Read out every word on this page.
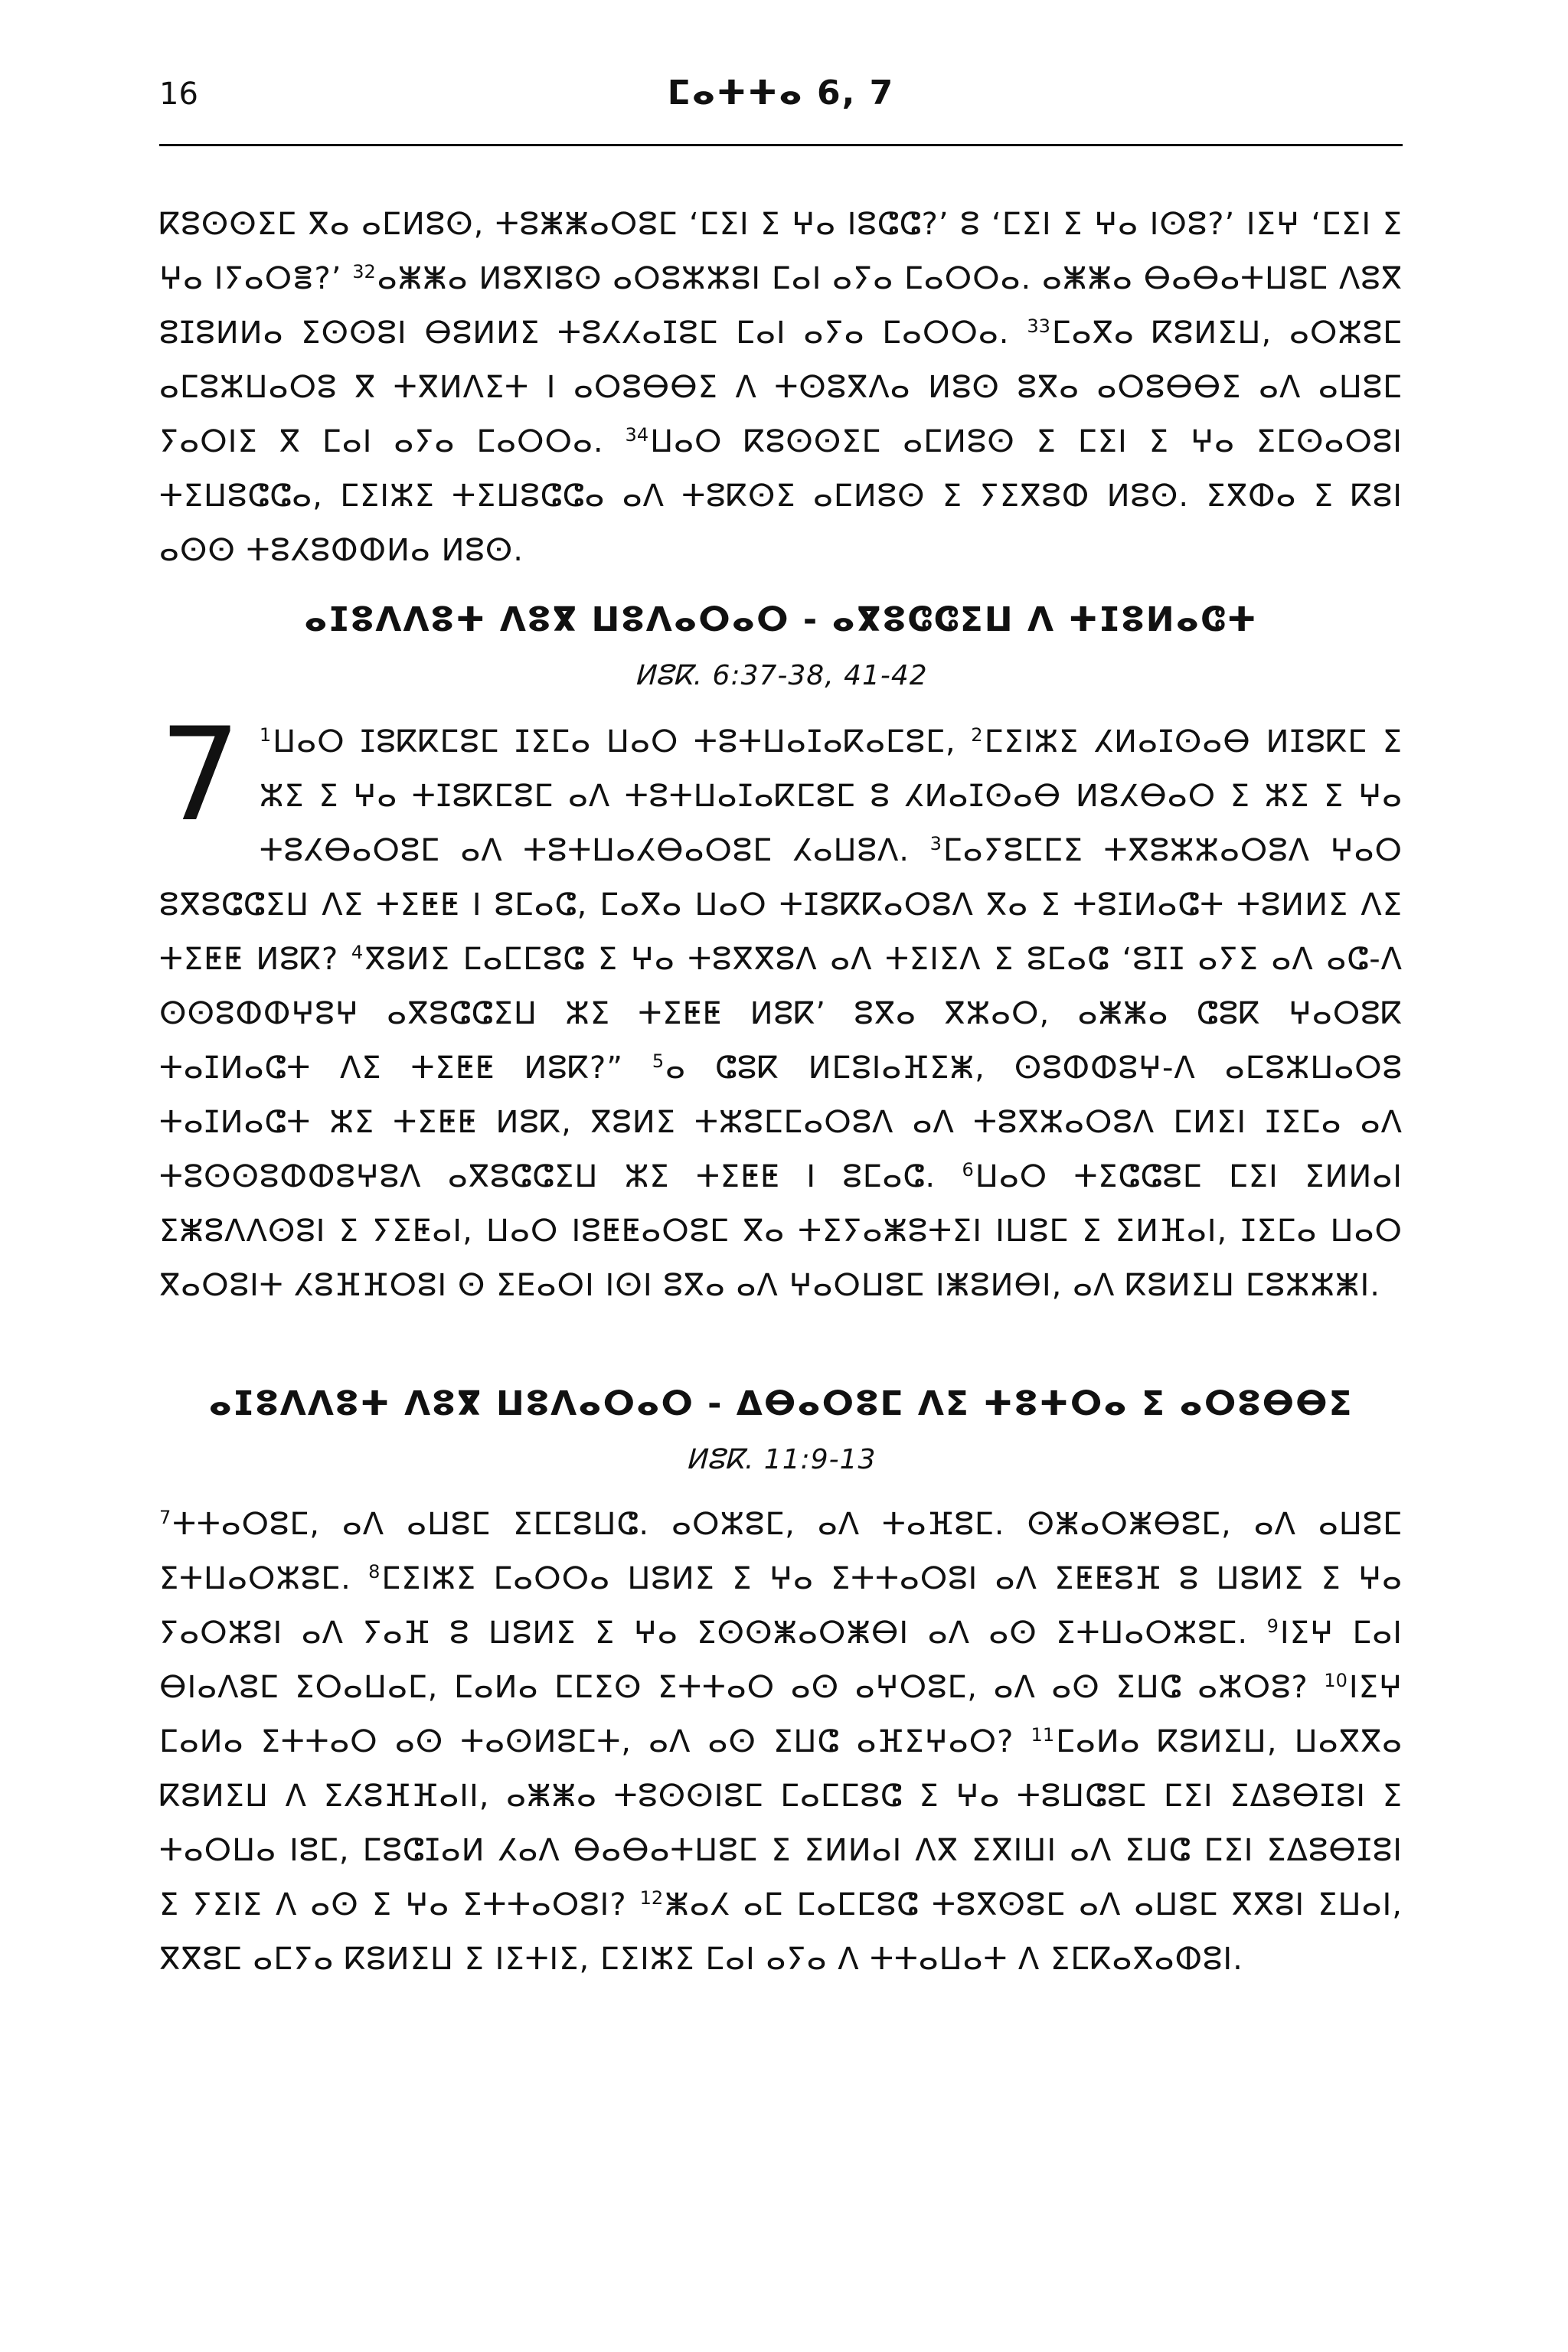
16	ⵎⴰⵜⵜⴰ 6, 7

ⴽⵓⵙⵙⵉⵎ ⴳⴰ ⴰⵎⵍⵓⵙ, ⵜⵓⵥⵥⴰⵔⵓⵎ ‘ⵎⵉⵏ ⵉ ⵖⴰ ⵏⵓⵛⵛ?’ ⵓ ‘ⵎⵉⵏ ⵉ ⵖⴰ ⵏⵙⵓ?’ ⵏⵉⵖ ‘ⵎⵉⵏ ⵉ ⵖⴰ ⵏⵢⴰⵔⴻ?’ $^{32}$ⴰⵥⵥⴰ ⵍⵓⴳⵏⵓⵙ ⴰⵔⵓⵣⵣⵓⵏ ⵎⴰⵏ ⴰⵢⴰ ⵎⴰⵔⵔⴰ. ⴰⵥⵥⴰ ⴱⴰⴱⴰⵜⵡⵓⵎ ⴷⵓⴳ ⵓⵊⵓⵍⵍⴰ ⵉⵙⵙⵓⵏ ⴱⵓⵍⵍⵉ ⵜⵓⵃⵃⴰⵊⵓⵎ ⵎⴰⵏ ⴰⵢⴰ ⵎⴰⵔⵔⴰ. $^{33}$ⵎⴰⴳⴰ ⴽⵓⵍⵉⵡ, ⴰⵔⵣⵓⵎ ⴰⵎⵓⵣⵡⴰⵔⵓ ⴳ ⵜⴳⵍⴷⵉⵜ ⵏ ⴰⵔⵓⴱⴱⵉ ⴷ ⵜⵙⵓⴳⴷⴰ ⵍⵓⵙ ⵓⴳⴰ ⴰⵔⵓⴱⴱⵉ ⴰⴷ ⴰⵡⵓⵎ ⵢⴰⵔⵏⵉ ⴳ ⵎⴰⵏ ⴰⵢⴰ ⵎⴰⵔⵔⴰ. $^{34}$ⵡⴰⵔ ⴽⵓⵙⵙⵉⵎ ⴰⵎⵍⵓⵙ ⵉ ⵎⵉⵏ ⵉ ⵖⴰ ⵉⵎⵙⴰⵔⵓⵏ ⵜⵉⵡⵓⵛⵛⴰ, ⵎⵉⵏⵣⵉ ⵜⵉⵡⵓⵛⵛⴰ ⴰⴷ ⵜⵓⴽⵙⵉ ⴰⵎⵍⵓⵙ ⵉ ⵢⵉⴳⵓⵀ ⵍⵓⵙ. ⵉⴳⵀⴰ ⵉ ⴽⵓⵏ ⴰⵙⵙ ⵜⵓⵃⵓⵀⵀⵍⴰ ⵍⵓⵙ.

ⴰⵊⵓⴷⴷⵓⵜ ⴷⵓⴳ ⵡⵓⴷⴰⵔⴰⵔ - ⴰⴳⵓⵛⵛⵉⵡ ⴷ ⵜⵊⵓⵍⴰⵛⵜ
ⵍⵓⴽ. 6:37-38, 41-42
7	$^1$ⵡⴰⵔ ⵊⵓⴽⴽⵎⵓⵎ ⵊⵉⵎⴰ ⵡⴰⵔ ⵜⵓⵜⵡⴰⵊⴰⴽⴰⵎⵓⵎ, $^2$ⵎⵉⵏⵣⵉ ⵃⵍⴰⵊⵙⴰⴱ ⵍⵊⵓⴽⵎ ⵉ ⵣⵉ ⵉ ⵖⴰ ⵜⵊⵓⴽⵎⵓⵎ ⴰⴷ ⵜⵓⵜⵡⴰⵊⴰⴽⵎⵓⵎ ⵓ ⵃⵍⴰⵊⵙⴰⴱ ⵍⵓⵃⴱⴰⵔ ⵉ ⵣⵉ ⵉ ⵖⴰ ⵜⵓⵃⴱⴰⵔⵓⵎ ⴰⴷ ⵜⵓⵜⵡⴰⵃⴱⴰⵔⵓⵎ ⵃⴰⵡⵓⴷ. $^3$ⵎⴰⵢⵓⵎⵎⵉ ⵜⴳⵓⵣⵣⴰⵔⵓⴷ ⵖⴰⵔ ⵓⴳⵓⵛⵛⵉⵡ ⴷⵉ ⵜⵉⵟⵟ ⵏ ⵓⵎⴰⵛ, ⵎⴰⴳⴰ ⵡⴰⵔ ⵜⵊⵓⴽⴽⴰⵔⵓⴷ ⴳⴰ ⵉ ⵜⵓⵊⵍⴰⵛⵜ ⵜⵓⵍⵍⵉ ⴷⵉ ⵜⵉⵟⵟ ⵍⵓⴽ? $^4$ⴳⵓⵍⵉ ⵎⴰⵎⵎⵓⵛ ⵉ ⵖⴰ ⵜⵓⴳⴳⵓⴷ ⴰⴷ ⵜⵉⵏⵉⴷ ⵉ ⵓⵎⴰⵛ ‘ⵓⵊⵊ ⴰⵢⵉ ⴰⴷ ⴰⵛ-ⴷ ⵙⵙⵓⵀⵀⵖⵓⵖ ⴰⴳⵓⵛⵛⵉⵡ ⵣⵉ ⵜⵉⵟⵟ ⵍⵓⴽ’ ⵓⴳⴰ ⴳⵣⴰⵔ, ⴰⵥⵥⴰ ⵛⵓⴽ ⵖⴰⵔⵓⴽ ⵜⴰⵊⵍⴰⵛⵜ ⴷⵉ ⵜⵉⵟⵟ ⵍⵓⴽ?” $^5$ⴰ ⵛⵓⴽ ⵍⵎⵓⵏⴰⴼⵉⵥ, ⵙⵓⵀⵀⵓⵖ-ⴷ ⴰⵎⵓⵣⵡⴰⵔⵓ ⵜⴰⵊⵍⴰⵛⵜ ⵣⵉ ⵜⵉⵟⵟ ⵍⵓⴽ, ⴳⵓⵍⵉ ⵜⵣⵓⵎⵎⴰⵔⵓⴷ ⴰⴷ ⵜⵓⴳⵣⴰⵔⵓⴷ ⵎⵍⵉⵏ ⵊⵉⵎⴰ ⴰⴷ ⵜⵓⵙⵙⵓⵀⵀⵓⵖⵓⴷ ⴰⴳⵓⵛⵛⵉⵡ ⵣⵉ ⵜⵉⵟⵟ ⵏ ⵓⵎⴰⵛ. $^6$ⵡⴰⵔ ⵜⵉⵛⵛⵓⵎ ⵎⵉⵏ ⵉⵍⵍⴰⵏ ⵉⵥⵓⴷⴷⵙⵓⵏ ⵉ ⵢⵉⵟⴰⵏ, ⵡⴰⵔ ⵏⵓⵟⵟⴰⵔⵓⵎ ⴳⴰ ⵜⵉⵢⴰⵥⵓⵜⵉⵏ ⵏⵡⵓⵎ ⵉ ⵉⵍⴼⴰⵏ, ⵊⵉⵎⴰ ⵡⴰⵔ ⴳⴰⵔⵓⵏⵜ ⵃⵓⴼⴼⵔⵓⵏ ⵙ ⵉⴹⴰⵔⵏ ⵏⵙⵏ ⵓⴳⴰ ⴰⴷ ⵖⴰⵔⵡⵓⵎ ⵏⵥⵓⵍⴱⵏ, ⴰⴷ ⴽⵓⵍⵉⵡ ⵎⵓⵣⵣⵥⵏ.

ⴰⵊⵓⴷⴷⵓⵜ ⴷⵓⴳ ⵡⵓⴷⴰⵔⴰⵔ - ⵠⴱⴰⵔⵓⵎ ⴷⵉ ⵜⵓⵜⵔⴰ ⵉ ⴰⵔⵓⴱⴱⵉ
ⵍⵓⴽ. 11:9-13

$^7$ⵜⵜⴰⵔⵓⵎ, ⴰⴷ ⴰⵡⵓⵎ ⵉⵎⵎⵓⵡⵛ. ⴰⵔⵣⵓⵎ, ⴰⴷ ⵜⴰⴼⵓⵎ. ⵙⵥⴰⵔⵥⴱⵓⵎ, ⴰⴷ ⴰⵡⵓⵎ ⵉⵜⵡⴰⵔⵣⵓⵎ. $^8$ⵎⵉⵏⵣⵉ ⵎⴰⵔⵔⴰ ⵡⵓⵍⵉ ⵉ ⵖⴰ ⵉⵜⵜⴰⵔⵓⵏ ⴰⴷ ⵉⵟⵟⵓⴼ ⵓ ⵡⵓⵍⵉ ⵉ ⵖⴰ ⵢⴰⵔⵣⵓⵏ ⴰⴷ ⵢⴰⴼ ⵓ ⵡⵓⵍⵉ ⵉ ⵖⴰ ⵉⵙⵙⵥⴰⵔⵥⴱⵏ ⴰⴷ ⴰⵙ ⵉⵜⵡⴰⵔⵣⵓⵎ. $^9$ⵏⵉⵖ ⵎⴰⵏ ⴱⵏⴰⴷⵓⵎ ⵉⵔⴰⵡⴰⵎ, ⵎⴰⵍⴰ ⵎⵎⵉⵙ ⵉⵜⵜⴰⵔ ⴰⵙ ⴰⵖⵔⵓⵎ, ⴰⴷ ⴰⵙ ⵉⵡⵛ ⴰⵣⵔⵓ? $^{10}$ⵏⵉⵖ ⵎⴰⵍⴰ ⵉⵜⵜⴰⵔ ⴰⵙ ⵜⴰⵙⵍⵓⵎⵜ, ⴰⴷ ⴰⵙ ⵉⵡⵛ ⴰⴼⵉⵖⴰⵔ? $^{11}$ⵎⴰⵍⴰ ⴽⵓⵍⵉⵡ, ⵡⴰⴳⴳⴰ ⴽⵓⵍⵉⵡ ⴷ ⵉⵃⵓⴼⴼⴰⵏⵏ, ⴰⵥⵥⴰ ⵜⵓⵙⵙⵏⵓⵎ ⵎⴰⵎⵎⵓⵛ ⵉ ⵖⴰ ⵜⵓⵡⵛⵓⵎ ⵎⵉⵏ ⵉⵠⵓⴱⵊⵓⵏ ⵉ ⵜⴰⵔⵡⴰ ⵏⵓⵎ, ⵎⵓⵛⵊⴰⵍ ⵃⴰⴷ ⴱⴰⴱⴰⵜⵡⵓⵎ ⵉ ⵉⵍⵍⴰⵏ ⴷⴳ ⵉⴳⵏⵡⵏ ⴰⴷ ⵉⵡⵛ ⵎⵉⵏ ⵉⵠⵓⴱⵊⵓⵏ ⵉ ⵢⵉⵏⵉ ⴷ ⴰⵙ ⵉ ⵖⴰ ⵉⵜⵜⴰⵔⵓⵏ? $^{12}$ⵥⴰⵃ ⴰⵎ ⵎⴰⵎⵎⵓⵛ ⵜⵓⴳⵙⵓⵎ ⴰⴷ ⴰⵡⵓⵎ ⴳⴳⵓⵏ ⵉⵡⴰⵏ, ⴳⴳⵓⵎ ⴰⵎⵢⴰ ⴽⵓⵍⵉⵡ ⵉ ⵏⵉⵜⵏⵉ, ⵎⵉⵏⵣⵉ ⵎⴰⵏ ⴰⵢⴰ ⴷ ⵜⵜⴰⵡⴰⵜ ⴷ ⵉⵎⴽⴰⴳⴰⵀⵓⵏ.
